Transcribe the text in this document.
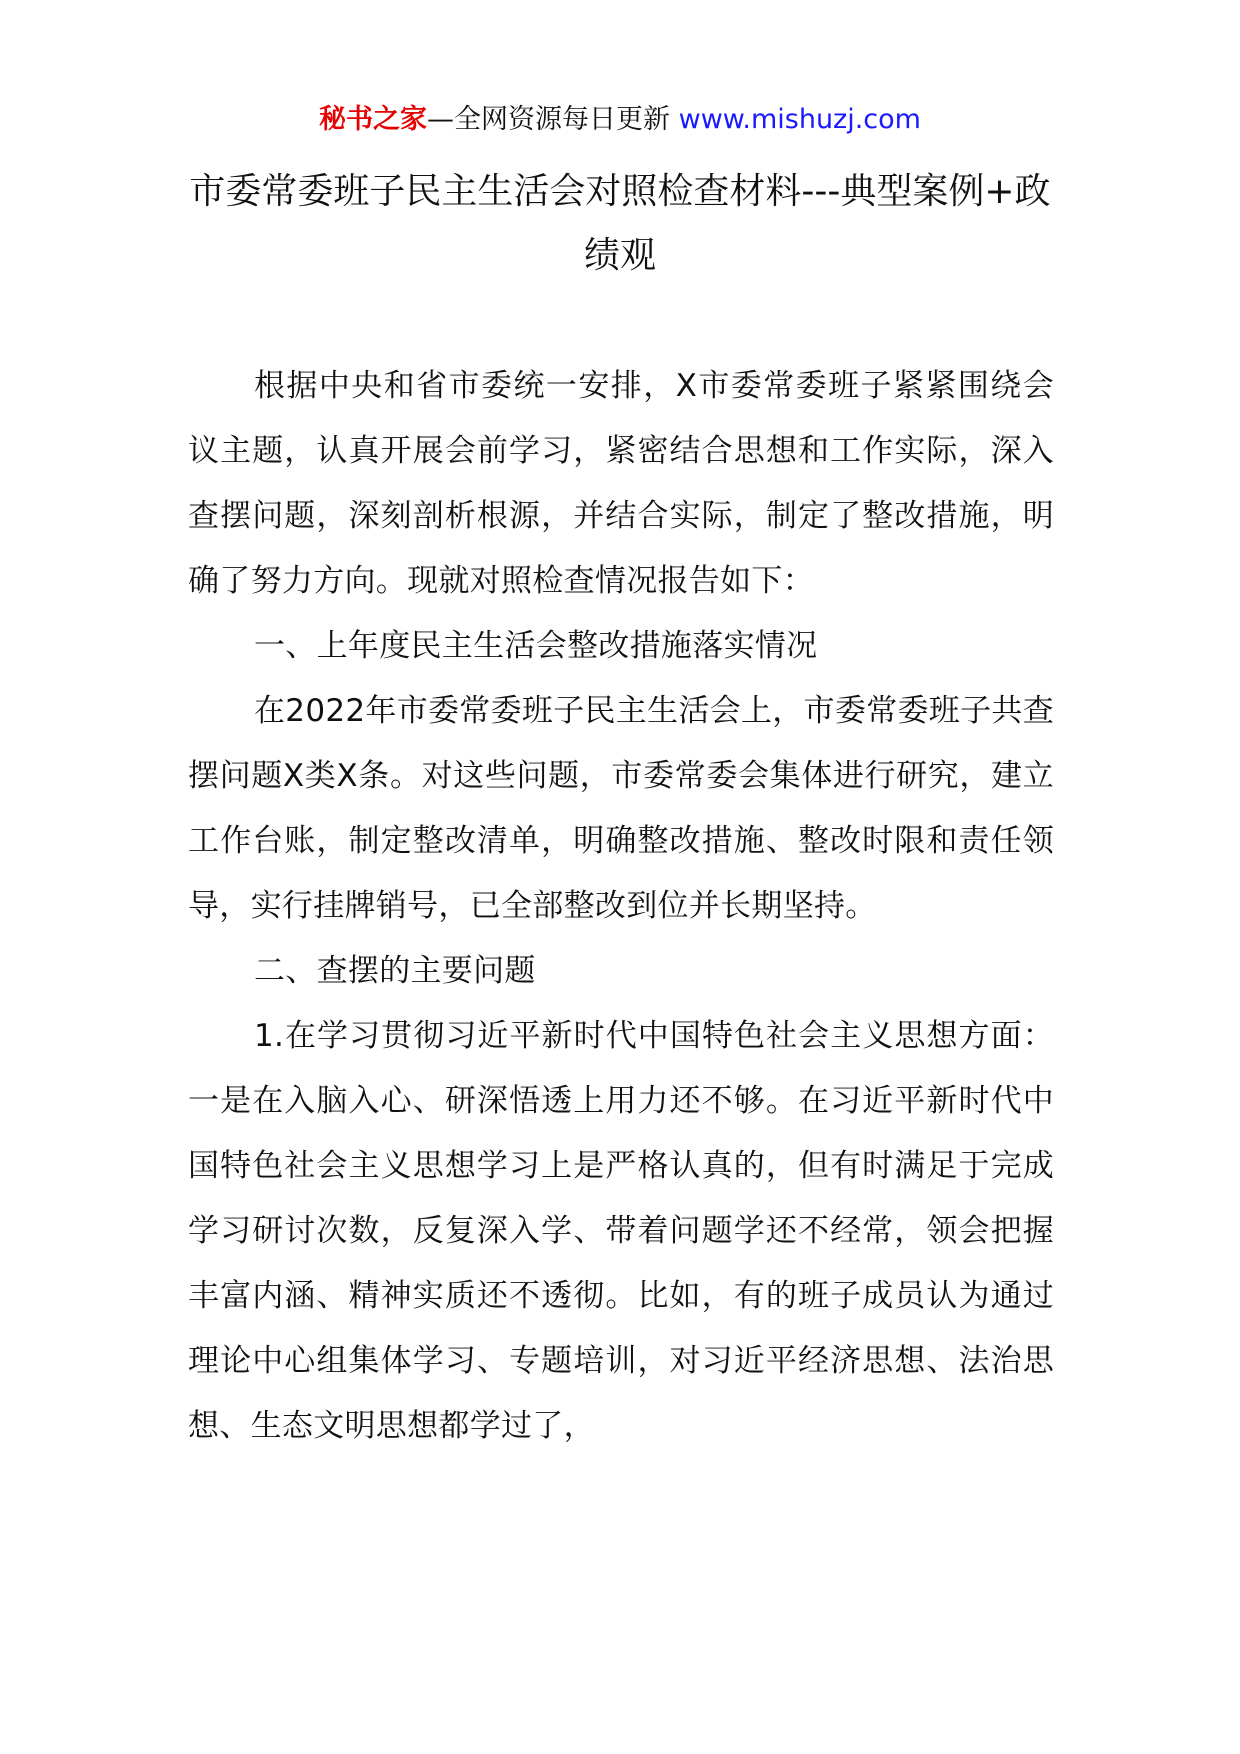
秘书之家—全网资源每日更新 www.mishuzj.com
市委常委班子民主生活会对照检查材料---典型案例+政绩观

根据中央和省市委统一安排，X市委常委班子紧紧围绕会议主题，认真开展会前学习，紧密结合思想和工作实际，深入查摆问题，深刻剖析根源，并结合实际，制定了整改措施，明确了努力方向。现就对照检查情况报告如下：

一、上年度民主生活会整改措施落实情况

在2022年市委常委班子民主生活会上，市委常委班子共查摆问题X类X条。对这些问题，市委常委会集体进行研究，建立工作台账，制定整改清单，明确整改措施、整改时限和责任领导，实行挂牌销号，已全部整改到位并长期坚持。

二、查摆的主要问题

1.在学习贯彻习近平新时代中国特色社会主义思想方面：一是在入脑入心、研深悟透上用力还不够。在习近平新时代中国特色社会主义思想学习上是严格认真的，但有时满足于完成学习研讨次数，反复深入学、带着问题学还不经常，领会把握丰富内涵、精神实质还不透彻。比如，有的班子成员认为通过理论中心组集体学习、专题培训，对习近平经济思想、法治思想、生态文明思想都学过了，
